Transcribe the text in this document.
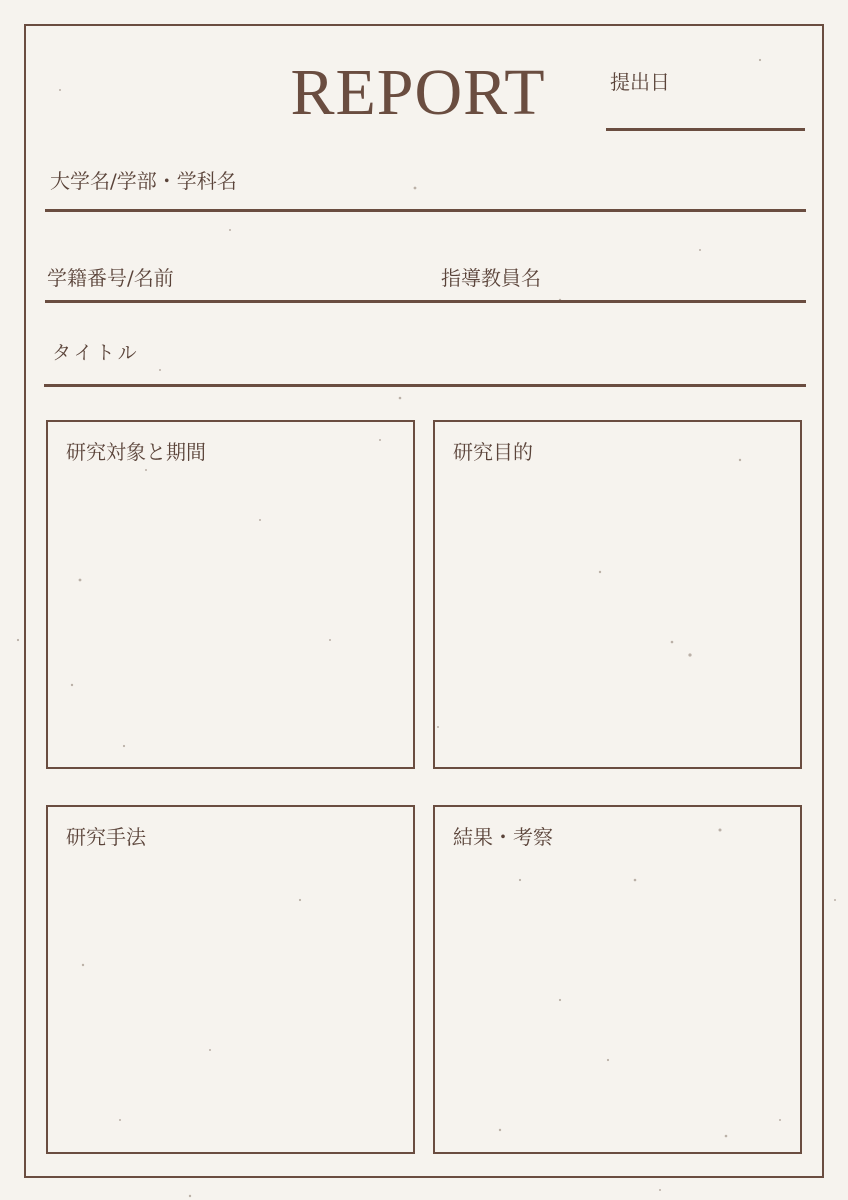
REPORT	提出日
大学名/学部・学科名
学籍番号/名前	指導教員名
タイトル
研究対象と期間	研究目的
研究手法	結果・考察
